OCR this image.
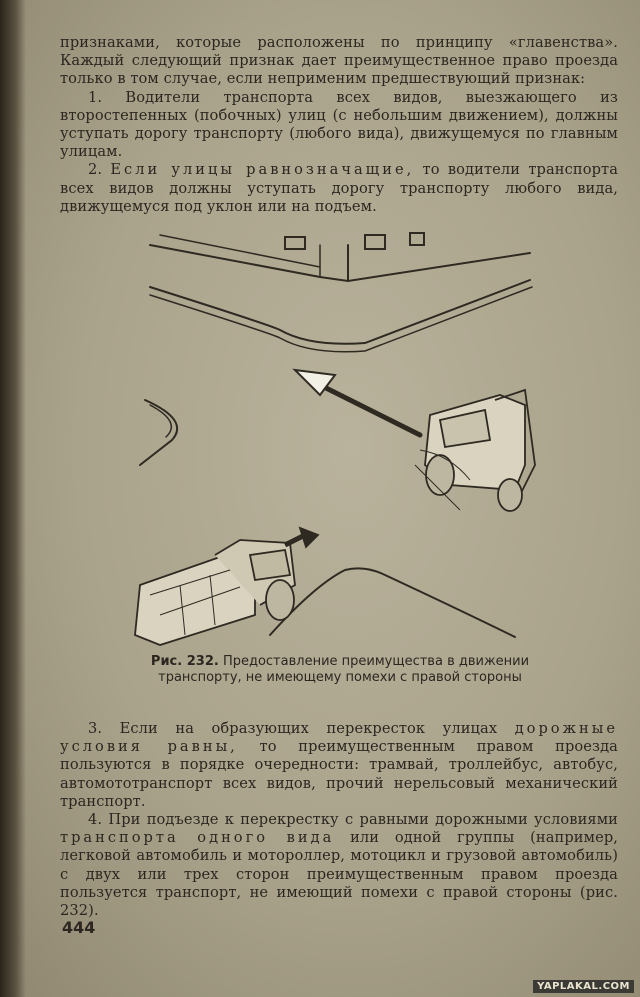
признаками, которые расположены по принципу «главенства». Каждый следующий признак дает преимущественное право проезда только в том случае, если неприменим предшествующий признак:

1. Водители транспорта всех видов, выезжающего из второстепенных (побочных) улиц (с небольшим движением), должны уступать дорогу транспорту (любого вида), движущемуся по главным улицам.

2. Если улицы равнозначащие, то водители транспорта всех видов должны уступать дорогу транспорту любого вида, движущемуся под уклон или на подъем.

Рис. 232. Предоставление преимущества в движении транспорту, не имеющему помехи с правой стороны

3. Если на образующих перекресток улицах дорожные условия равны, то преимущественным правом проезда пользуются в порядке очередности: трамвай, троллейбус, автобус, автомототранспорт всех видов, прочий нерельсовый механический транспорт.

4. При подъезде к перекрестку с равными дорожными условиями транспорта одного вида или одной группы (например, легковой автомобиль и мотороллер, мотоцикл и грузовой автомобиль) с двух или трех сторон преимущественным правом проезда пользуется транспорт, не имеющий помехи с правой стороны (рис. 232).

444
YAPLAKAL.COM
